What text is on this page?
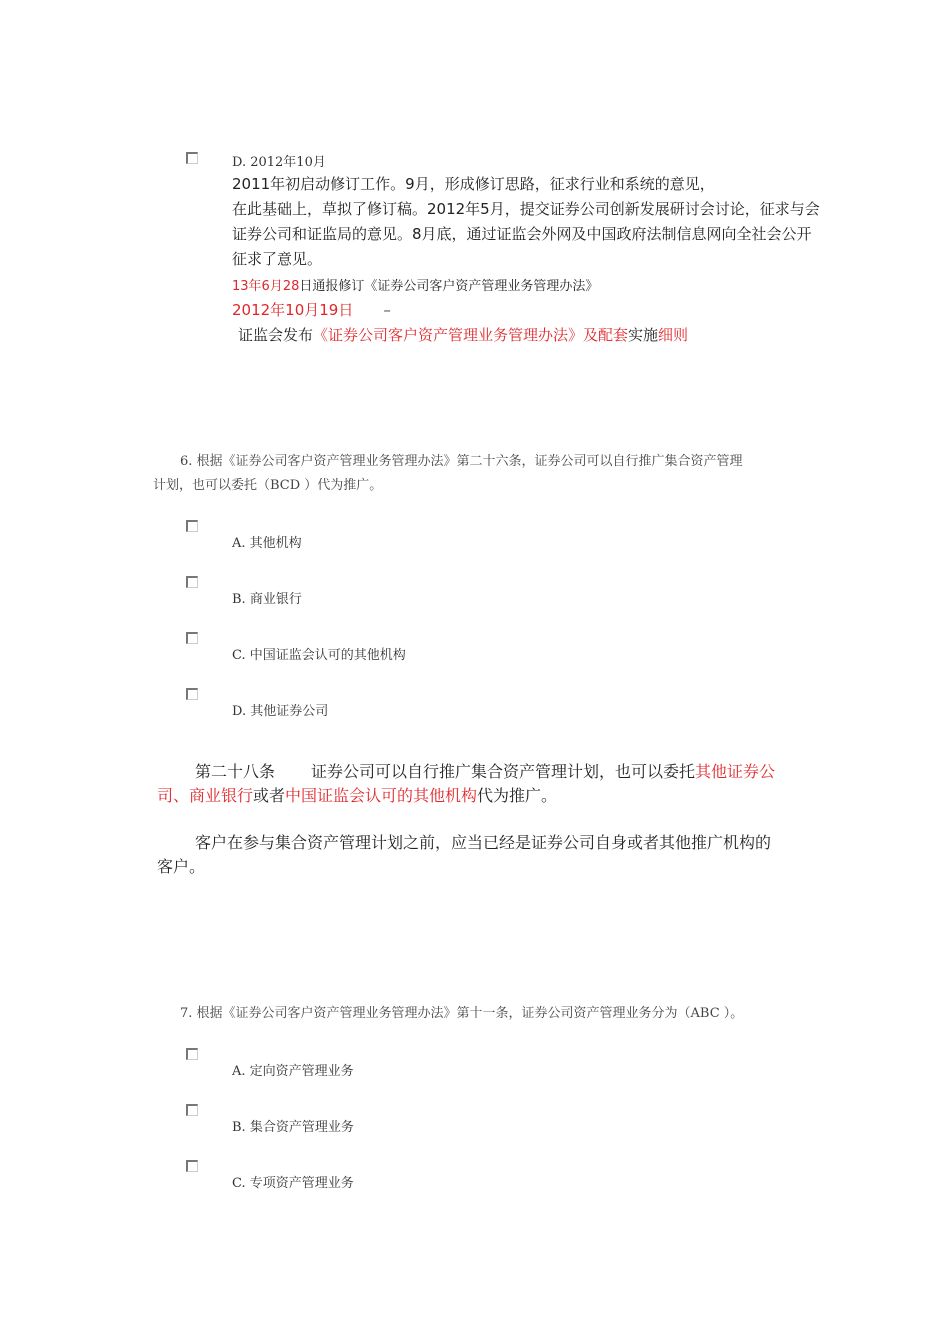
D. 2012年10月
2011年初启动修订工作。9月，形成修订思路，征求行业和系统的意见，
在此基础上，草拟了修订稿。2012年5月，提交证券公司创新发展研讨会讨论，征求与会
证券公司和证监局的意见。8月底，通过证监会外网及中国政府法制信息网向全社会公开
征求了意见。
13年6月28日通报修订《证券公司客户资产管理业务管理办法》
2012年10月19日 –
证监会发布《证券公司客户资产管理业务管理办法》及配套实施细则
6. 根据《证券公司客户资产管理业务管理办法》第二十六条，证券公司可以自行推广集合资产管理
计划，也可以委托（BCD ）代为推广。
A. 其他机构
B. 商业银行
C. 中国证监会认可的其他机构
D. 其他证券公司
第二十八条 证券公司可以自行推广集合资产管理计划，也可以委托其他证券公
司、商业银行或者中国证监会认可的其他机构代为推广。
客户在参与集合资产管理计划之前，应当已经是证券公司自身或者其他推广机构的
客户。
7. 根据《证券公司客户资产管理业务管理办法》第十一条，证券公司资产管理业务分为（ABC ）。
A. 定向资产管理业务
B. 集合资产管理业务
C. 专项资产管理业务
